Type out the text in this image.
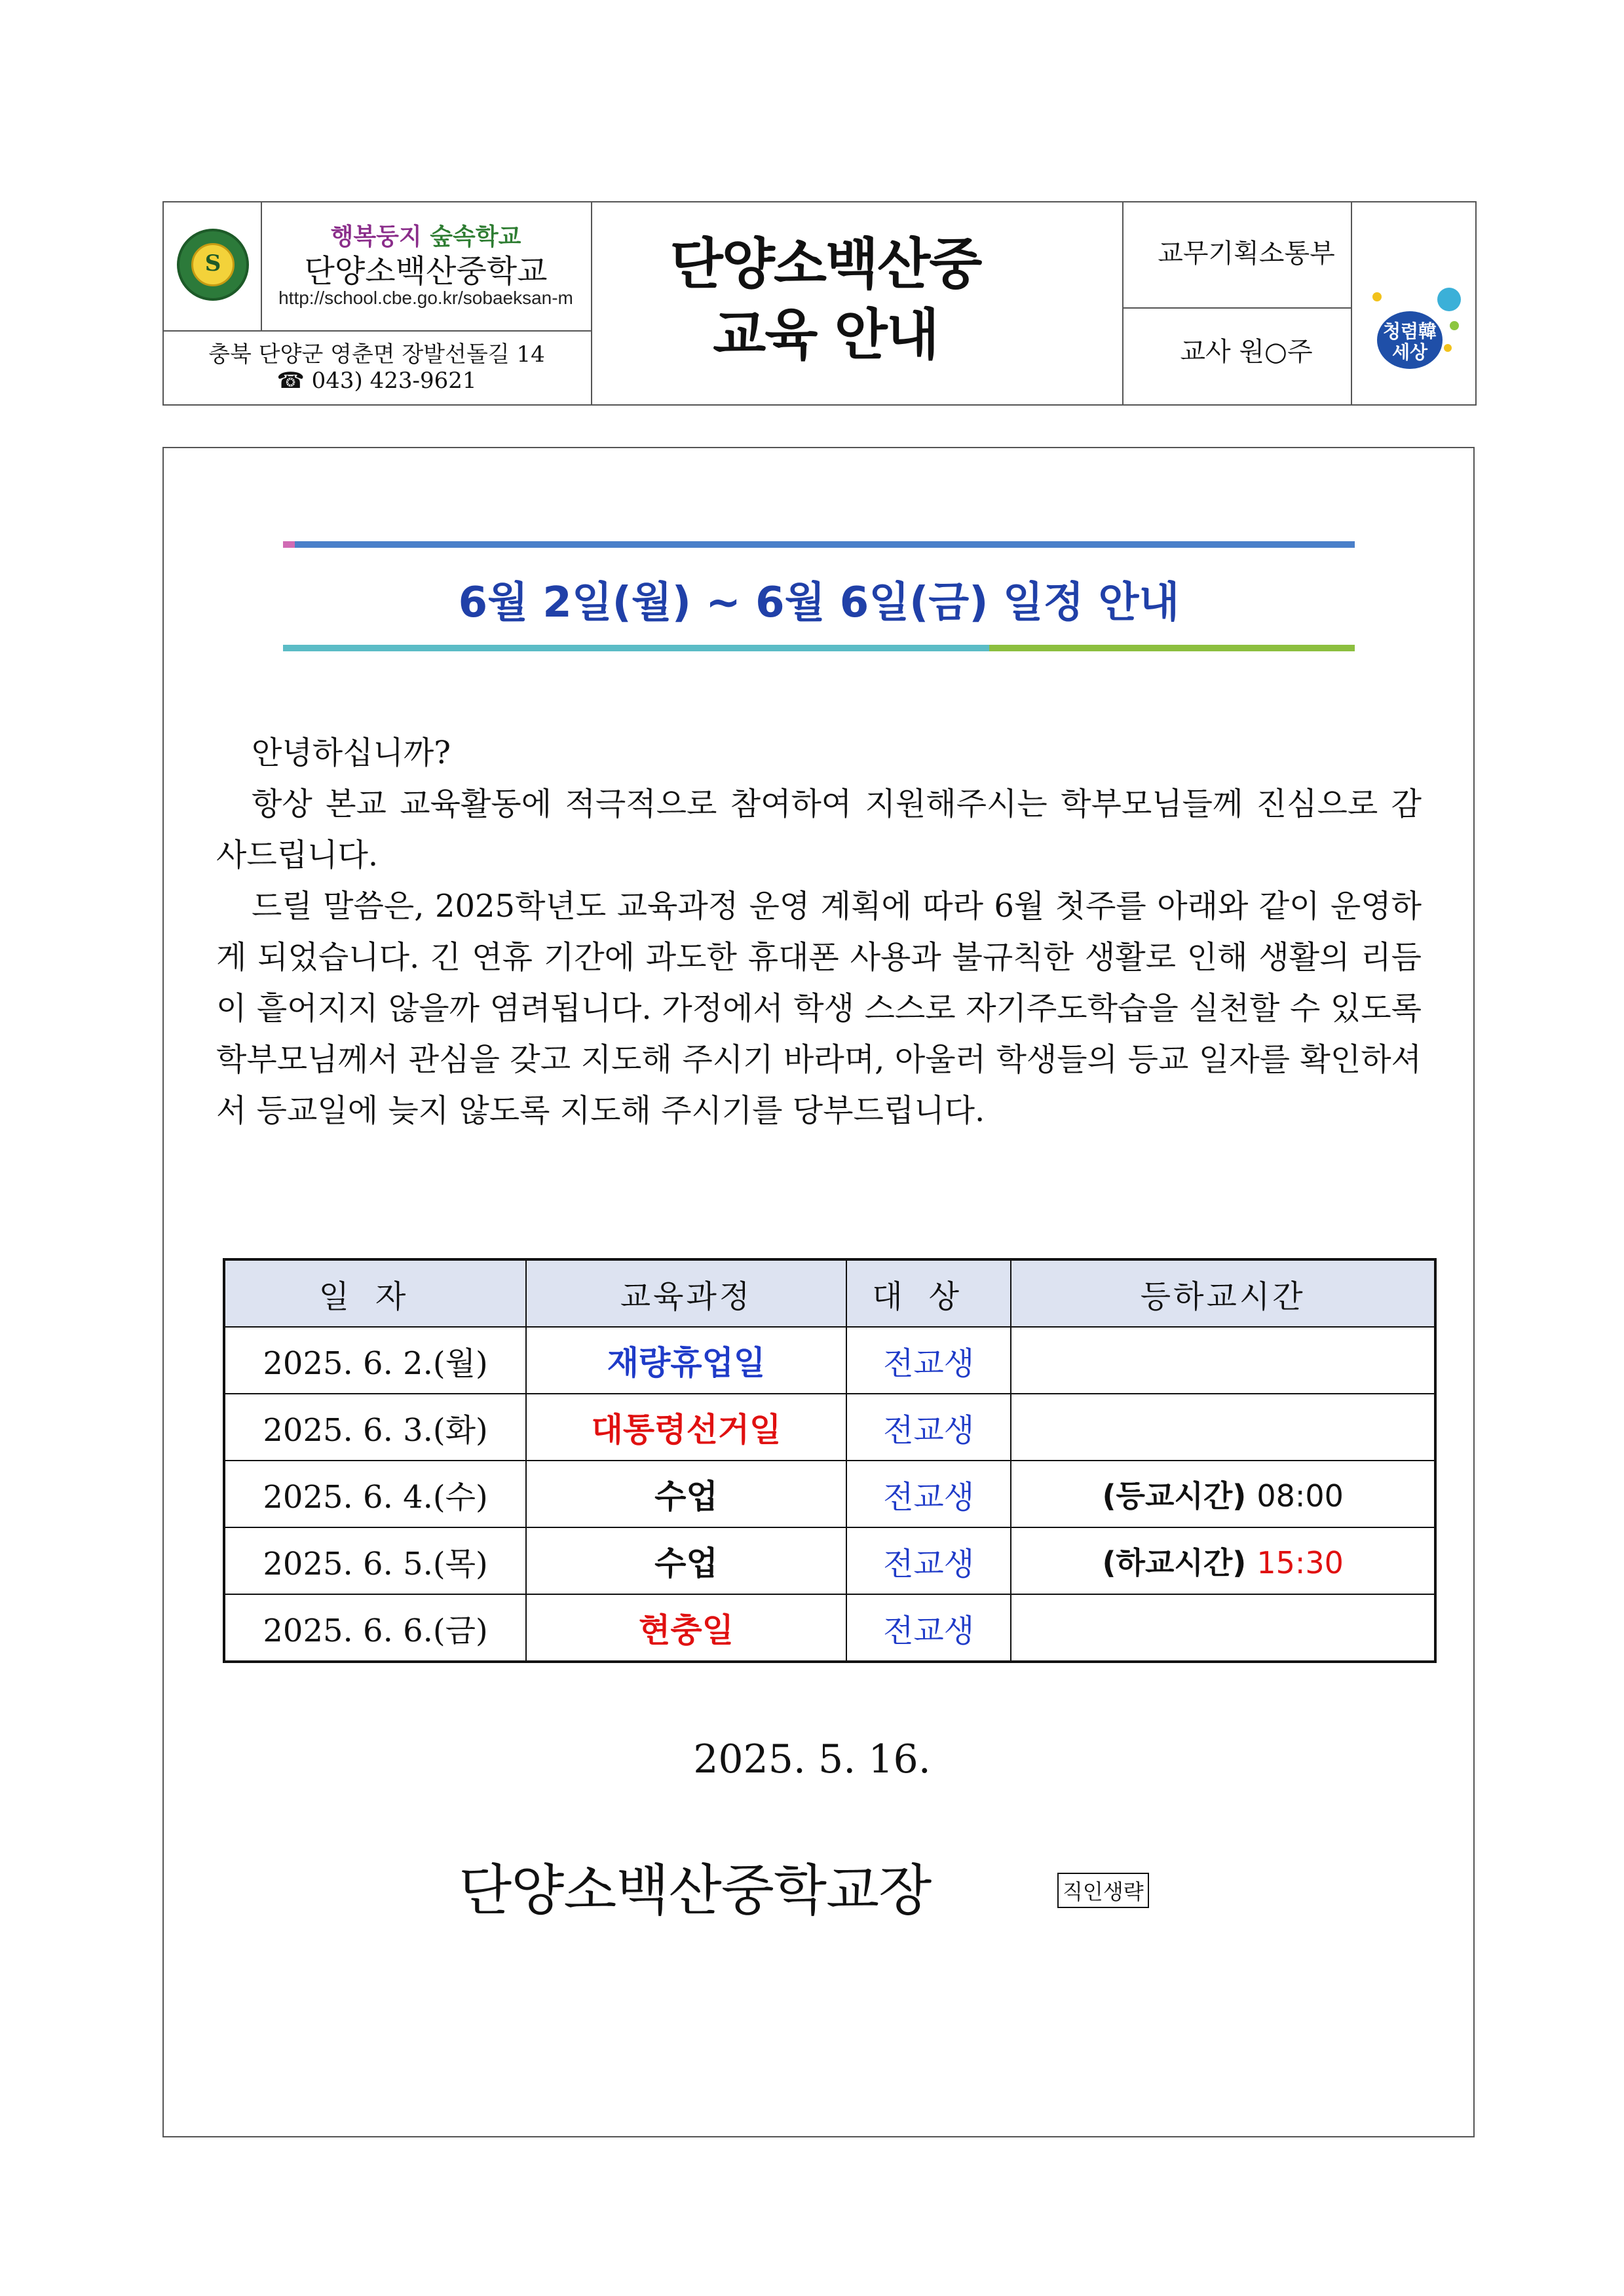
S
행복둥지 숲속학교
단양소백산중학교
http://school.cbe.go.kr/sobaeksan-m
충북 단양군 영춘면 장발선돌길 14
☎ 043) 423-9621
단양소백산중
교육 안내
교무기획소통부
교사 원○주
청렴韓
세상
6월 2일(월) ~ 6월 6일(금) 일정 안내

안녕하십니까?

항상 본교 교육활동에 적극적으로 참여하여 지원해주시는 학부모님들께 진심으로 감사드립니다.

드릴 말씀은, 2025학년도 교육과정 운영 계획에 따라 6월 첫주를 아래와 같이 운영하게 되었습니다. 긴 연휴 기간에 과도한 휴대폰 사용과 불규칙한 생활로 인해 생활의 리듬이 흩어지지 않을까 염려됩니다. 가정에서 학생 스스로 자기주도학습을 실천할 수 있도록 학부모님께서 관심을 갖고 지도해 주시기 바라며, 아울러 학생들의 등교 일자를 확인하셔서 등교일에 늦지 않도록 지도해 주시기를 당부드립니다.

일자	교육과정	대상	등하교시간
2025. 6. 2.(월)	재량휴업일	전교생	
2025. 6. 3.(화)	대통령선거일	전교생	
2025. 6. 4.(수)	수업	전교생	(등교시간) 08:00
2025. 6. 5.(목)	수업	전교생	(하교시간) 15:30
2025. 6. 6.(금)	현충일	전교생	
2025. 5. 16.
단양소백산중학교장	직인생략
